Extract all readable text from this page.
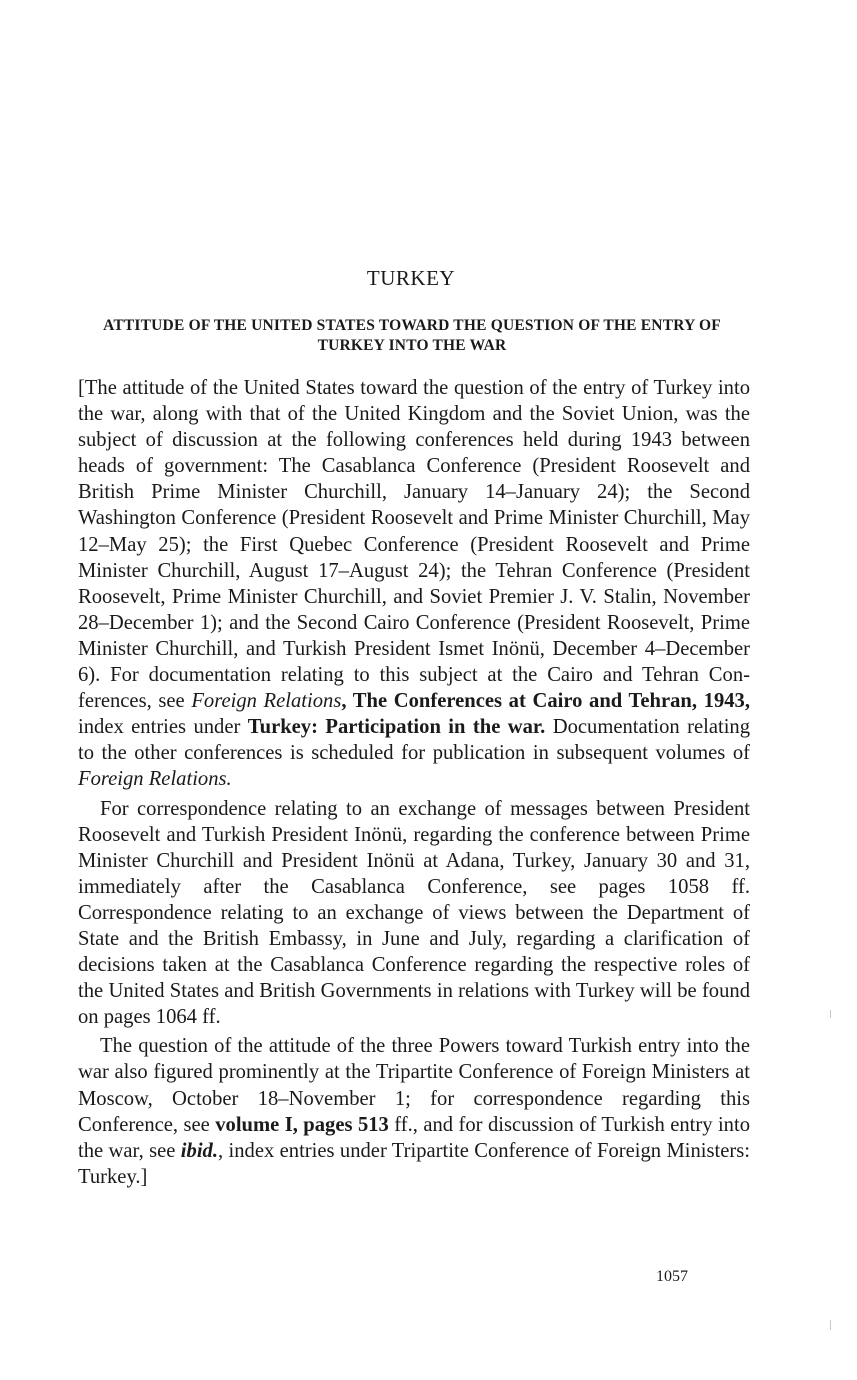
TURKEY
ATTITUDE OF THE UNITED STATES TOWARD THE QUESTION OF THE ENTRY OF TURKEY INTO THE WAR

[The attitude of the United States toward the question of the entry of Turkey into the war, along with that of the United Kingdom and the Soviet Union, was the subject of discussion at the following conferences held during 1943 between heads of government: The Casablanca Conference (President Roosevelt and British Prime Minister Churchill, January 14–January 24); the Second Washington Conference (President Roosevelt and Prime Minister Churchill, May 12–May 25); the First Quebec Conference (President Roosevelt and Prime Minister Churchill, August 17–August 24); the Tehran Conference (President Roosevelt, Prime Minister Churchill, and Soviet Premier J. V. Stalin, November 28–December 1); and the Second Cairo Conference (President Roosevelt, Prime Minister Churchill, and Turkish President Ismet Inönü, December 4–December 6). For documentation relating to this subject at the Cairo and Tehran Conferences, see Foreign Relations, The Conferences at Cairo and Tehran, 1943, index entries under Turkey: Participation in the war. Documentation relating to the other conferences is scheduled for publication in subsequent volumes of Foreign Relations.

For correspondence relating to an exchange of messages between President Roosevelt and Turkish President Inönü, regarding the conference between Prime Minister Churchill and President Inönü at Adana, Turkey, January 30 and 31, immediately after the Casablanca Conference, see pages 1058 ff. Correspondence relating to an exchange of views between the Department of State and the British Embassy, in June and July, regarding a clarification of decisions taken at the Casablanca Conference regarding the respective roles of the United States and British Governments in relations with Turkey will be found on pages 1064 ff.

The question of the attitude of the three Powers toward Turkish entry into the war also figured prominently at the Tripartite Conference of Foreign Ministers at Moscow, October 18–November 1; for correspondence regarding this Conference, see volume I, pages 513 ff., and for discussion of Turkish entry into the war, see ibid., index entries under Tripartite Conference of Foreign Ministers: Turkey.]

1057
